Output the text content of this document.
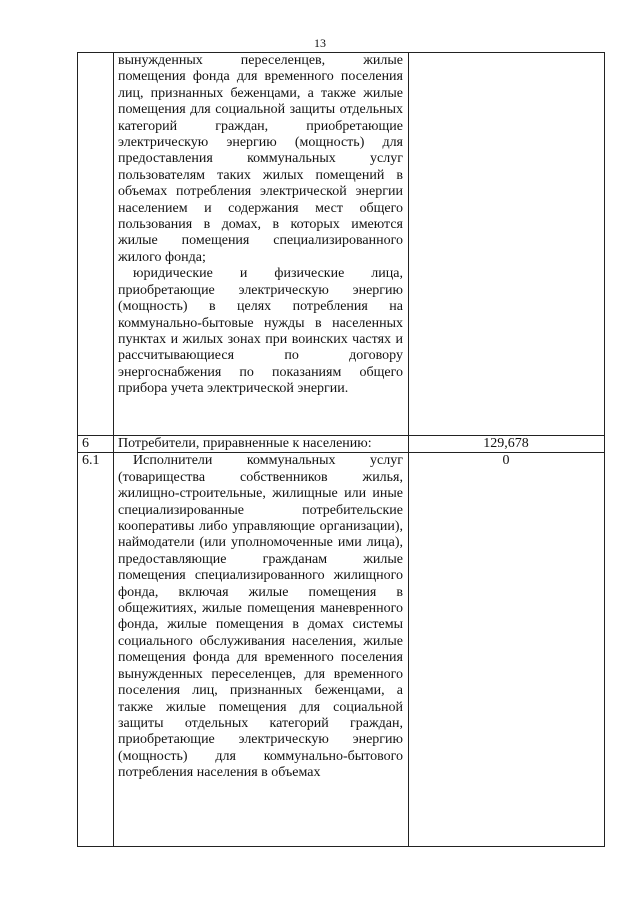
13

	вынужденных переселенцев, жилые помещения фонда для временного поселения лиц, признанных беженцами, а также жилые помещения для социальной защиты отдельных категорий граждан, приобретающие электрическую энергию (мощность) для предоставления коммунальных услуг пользователям таких жилых помещений в объемах потребления электрической энергии населением и содержания мест общего пользования в домах, в которых имеются жилые помещения специализированного жилого фонда;
юридические и физические лица, приобретающие электрическую энергию (мощность) в целях потребления на коммунально-бытовые нужды в населенных пунктах и жилых зонах при воинских частях и рассчитывающиеся по договору энергоснабжения по показаниям общего прибора учета электрической энергии.	

6	Потребители, приравненные к населению:	129,678
6.1	Исполнители коммунальных услуг (товарищества собственников жилья, жилищно-строительные, жилищные или иные специализированные потребительские кооперативы либо управляющие организации), наймодатели (или уполномоченные ими лица), предоставляющие гражданам жилые помещения специализированного жилищного фонда, включая жилые помещения в общежитиях, жилые помещения маневренного фонда, жилые помещения в домах системы социального обслуживания населения, жилые помещения фонда для временного поселения вынужденных переселенцев, для временного поселения лиц, признанных беженцами, а также жилые помещения для социальной защиты отдельных категорий граждан, приобретающие электрическую энергию (мощность) для коммунально-бытового потребления населения в объемах	0
